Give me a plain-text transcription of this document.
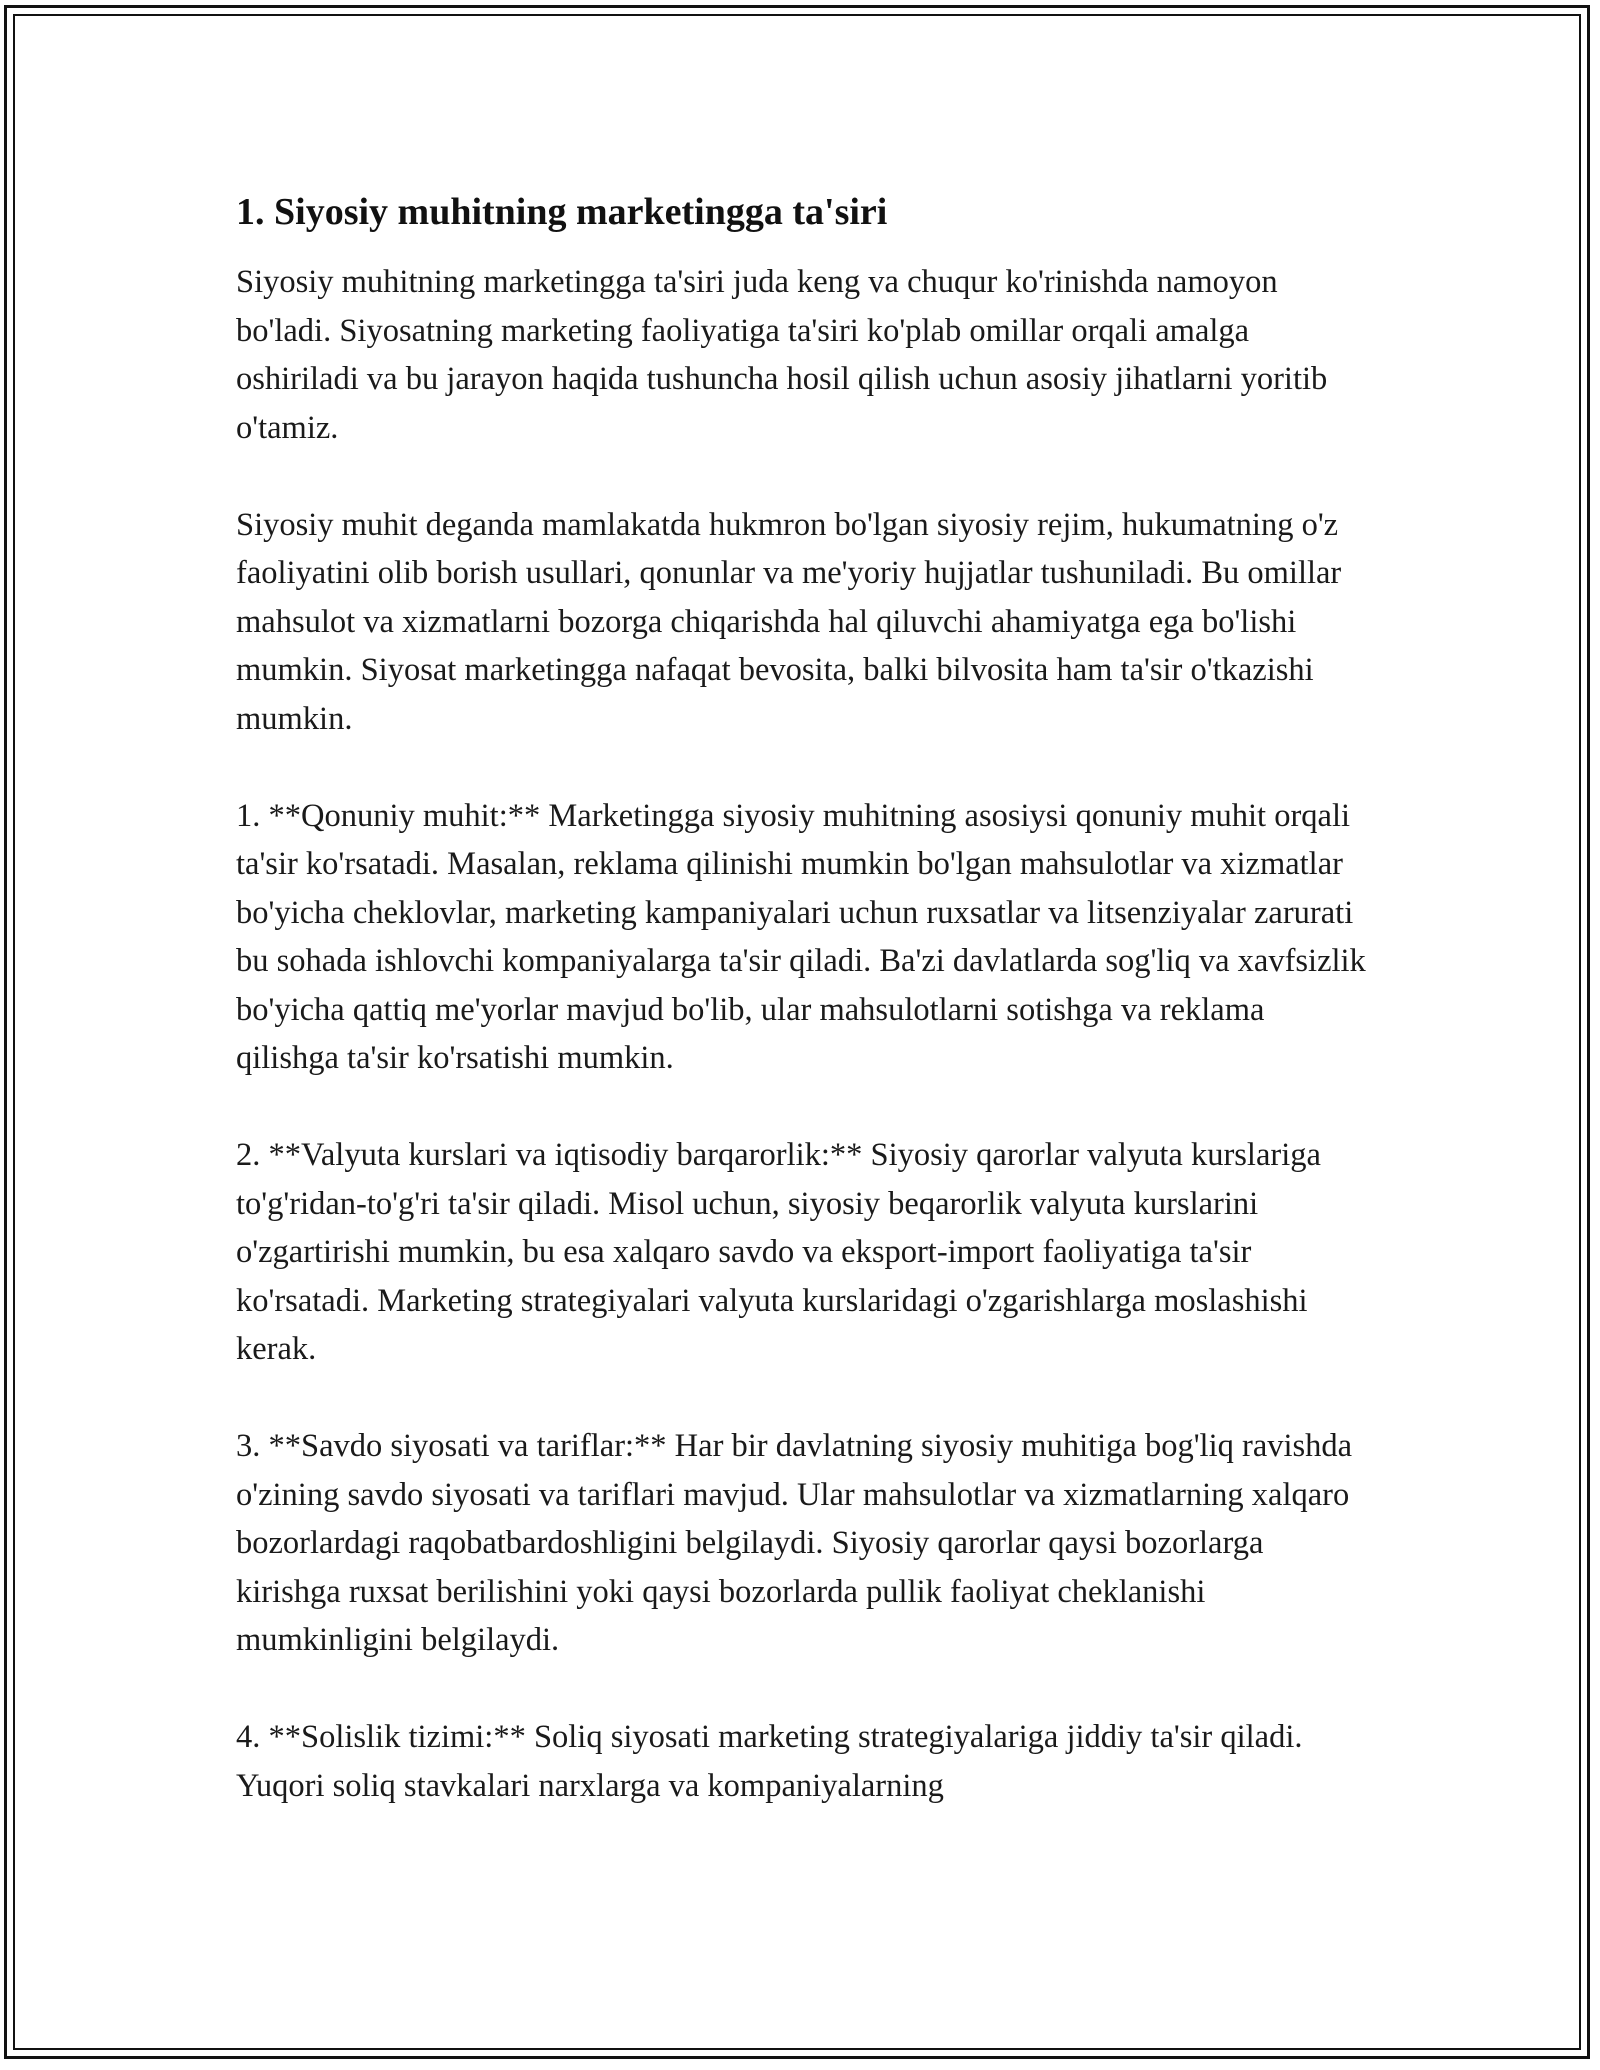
1. Siyosiy muhitning marketingga ta'siri

Siyosiy muhitning marketingga ta'siri juda keng va chuqur ko'rinishda namoyon bo'ladi. Siyosatning marketing faoliyatiga ta'siri ko'plab omillar orqali amalga oshiriladi va bu jarayon haqida tushuncha hosil qilish uchun asosiy jihatlarni yoritib o'tamiz.

Siyosiy muhit deganda mamlakatda hukmron bo'lgan siyosiy rejim, hukumatning o'z faoliyatini olib borish usullari, qonunlar va me'yoriy hujjatlar tushuniladi. Bu omillar mahsulot va xizmatlarni bozorga chiqarishda hal qiluvchi ahamiyatga ega bo'lishi mumkin. Siyosat marketingga nafaqat bevosita, balki bilvosita ham ta'sir o'tkazishi mumkin.

1. **Qonuniy muhit:** Marketingga siyosiy muhitning asosiysi qonuniy muhit orqali ta'sir ko'rsatadi. Masalan, reklama qilinishi mumkin bo'lgan mahsulotlar va xizmatlar bo'yicha cheklovlar, marketing kampaniyalari uchun ruxsatlar va litsenziyalar zarurati bu sohada ishlovchi kompaniyalarga ta'sir qiladi. Ba'zi davlatlarda sog'liq va xavfsizlik bo'yicha qattiq me'yorlar mavjud bo'lib, ular mahsulotlarni sotishga va reklama qilishga ta'sir ko'rsatishi mumkin.

2. **Valyuta kurslari va iqtisodiy barqarorlik:** Siyosiy qarorlar valyuta kurslariga to'g'ridan-to'g'ri ta'sir qiladi. Misol uchun, siyosiy beqarorlik valyuta kurslarini o'zgartirishi mumkin, bu esa xalqaro savdo va eksport-import faoliyatiga ta'sir ko'rsatadi. Marketing strategiyalari valyuta kurslaridagi o'zgarishlarga moslashishi kerak.

3. **Savdo siyosati va tariflar:** Har bir davlatning siyosiy muhitiga bog'liq ravishda o'zining savdo siyosati va tariflari mavjud. Ular mahsulotlar va xizmatlarning xalqaro bozorlardagi raqobatbardoshligini belgilaydi. Siyosiy qarorlar qaysi bozorlarga kirishga ruxsat berilishini yoki qaysi bozorlarda pullik faoliyat cheklanishi mumkinligini belgilaydi.

4. **Solislik tizimi:** Soliq siyosati marketing strategiyalariga jiddiy ta'sir qiladi. Yuqori soliq stavkalari narxlarga va kompaniyalarning
